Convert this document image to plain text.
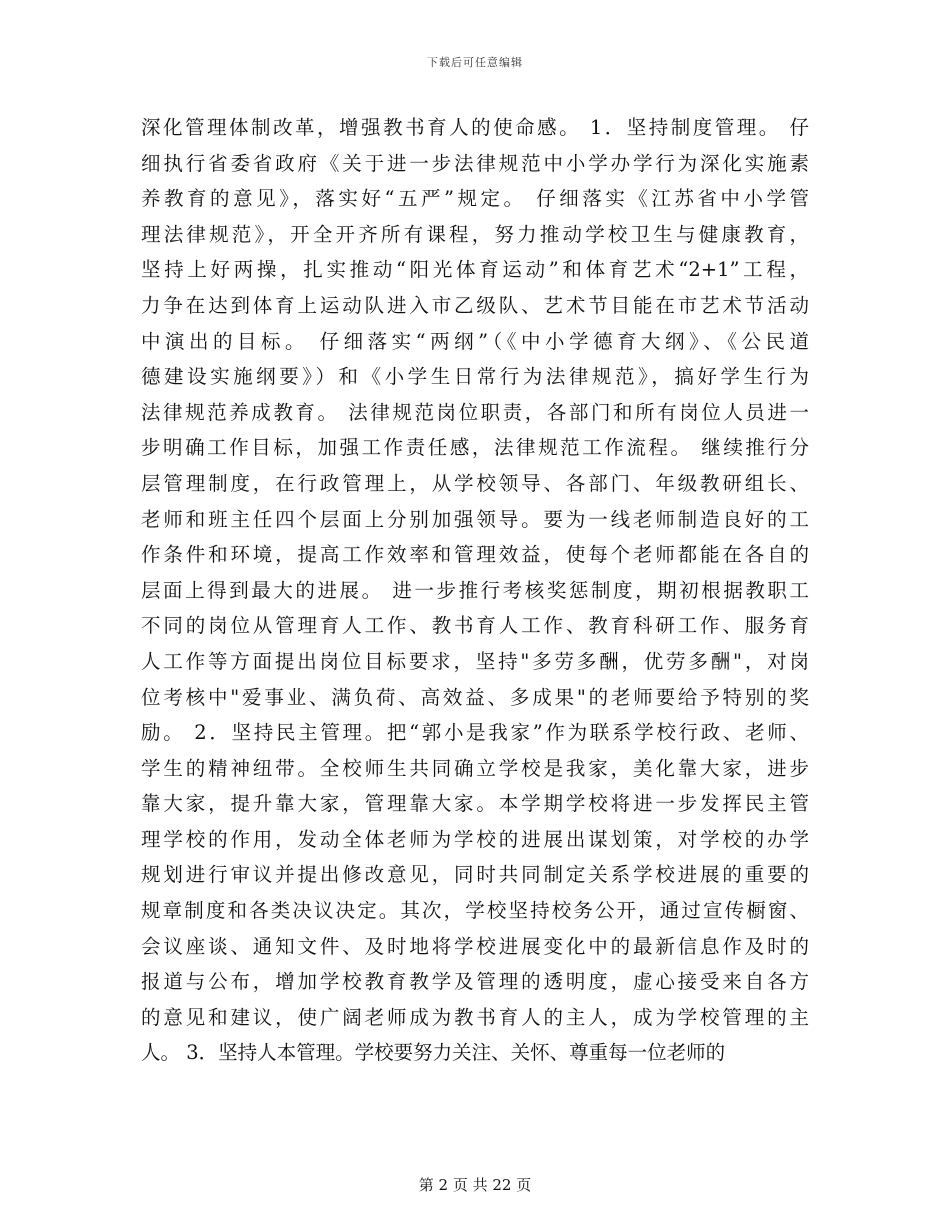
下载后可任意编辑
深化管理体制改革，增强教书育人的使命感。 1．坚持制度管理。 仔
细执行省委省政府《关于进一步法律规范中小学办学行为深化实施素
养教育的意见》，落实好“五严”规定。 仔细落实《江苏省中小学管
理法律规范》，开全开齐所有课程，努力推动学校卫生与健康教育，
坚持上好两操，扎实推动“阳光体育运动”和体育艺术“2+1”工程，
力争在达到体育上运动队进入市乙级队、艺术节目能在市艺术节活动
中演出的目标。 仔细落实“两纲”（《中小学德育大纲》、《公民道
德建设实施纲要》）和《小学生日常行为法律规范》，搞好学生行为
法律规范养成教育。 法律规范岗位职责，各部门和所有岗位人员进一
步明确工作目标，加强工作责任感，法律规范工作流程。 继续推行分
层管理制度，在行政管理上，从学校领导、各部门、年级教研组长、
老师和班主任四个层面上分别加强领导。要为一线老师制造良好的工
作条件和环境，提高工作效率和管理效益，使每个老师都能在各自的
层面上得到最大的进展。 进一步推行考核奖惩制度，期初根据教职工
不同的岗位从管理育人工作、教书育人工作、教育科研工作、服务育
人工作等方面提出岗位目标要求，坚持"多劳多酬，优劳多酬"，对岗
位考核中"爱事业、满负荷、高效益、多成果"的老师要给予特别的奖
励。 2．坚持民主管理。把“郭小是我家”作为联系学校行政、老师、
学生的精神纽带。全校师生共同确立学校是我家，美化靠大家，进步
靠大家，提升靠大家，管理靠大家。本学期学校将进一步发挥民主管
理学校的作用，发动全体老师为学校的进展出谋划策，对学校的办学
规划进行审议并提出修改意见，同时共同制定关系学校进展的重要的
规章制度和各类决议决定。其次，学校坚持校务公开，通过宣传橱窗、
会议座谈、通知文件、及时地将学校进展变化中的最新信息作及时的
报道与公布，增加学校教育教学及管理的透明度，虚心接受来自各方
的意见和建议，使广阔老师成为教书育人的主人，成为学校管理的主
人。 3．坚持人本管理。学校要努力关注、关怀、尊重每一位老师的
第 2 页 共 22 页
